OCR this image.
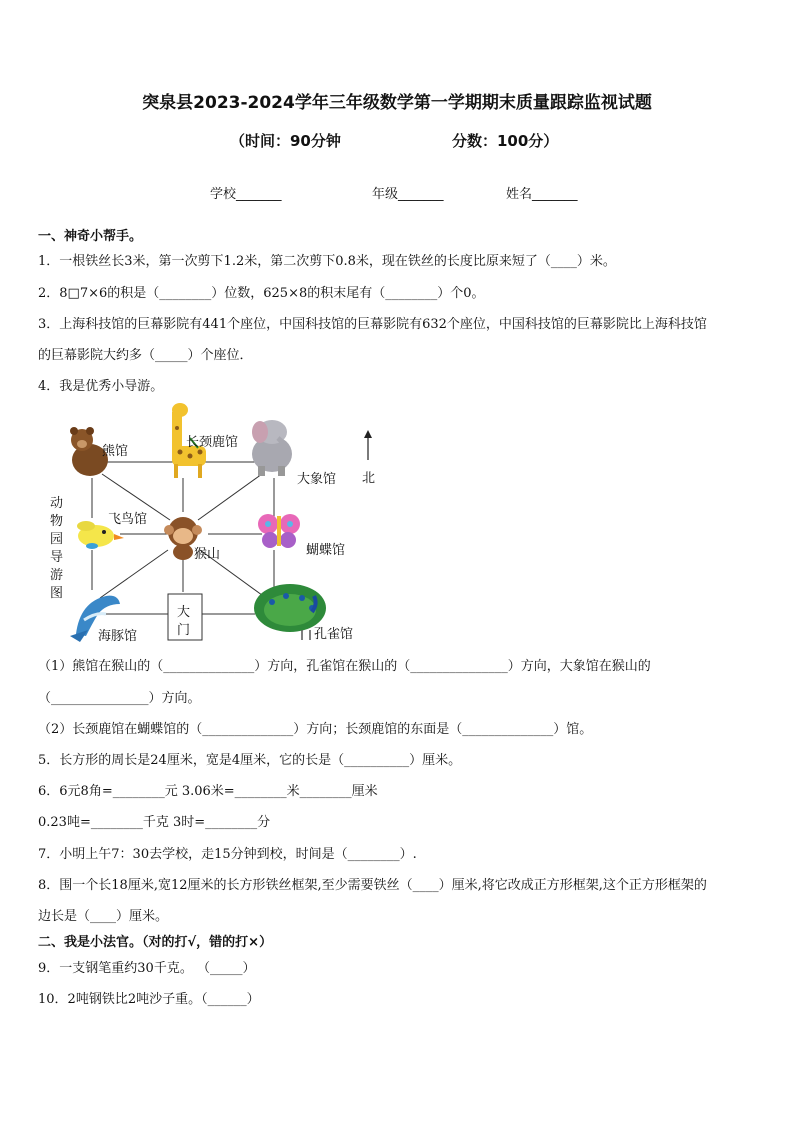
突泉县2023-2024学年三年级数学第一学期期末质量跟踪监视试题
（时间：90分钟	分数：100分）
学校_______	年级_______	姓名_______
一、神奇小帮手。
1．一根铁丝长3米，第一次剪下1.2米，第二次剪下0.8米，现在铁丝的长度比原来短了（____）米。
2．8□7×6的积是（________）位数，625×8的积末尾有（________）个0。
3．上海科技馆的巨幕影院有441个座位，中国科技馆的巨幕影院有632个座位，中国科技馆的巨幕影院比上海科技馆
的巨幕影院大约多（_____）个座位．
4．我是优秀小导游。
熊馆
长颈鹿馆
大象馆 北
飞鸟馆
猴山	蝴蝶馆
海豚馆
大
门	孔雀馆
动
物
园
导
游
图
（1）熊馆在猴山的（______________）方向，孔雀馆在猴山的（_______________）方向，大象馆在猴山的
（_______________）方向。
（2）长颈鹿馆在蝴蝶馆的（______________）方向；长颈鹿馆的东面是（______________）馆。
5．长方形的周长是24厘米，宽是4厘米，它的长是（__________）厘米。
6．6元8角=________元 3.06米=________米________厘米
0.23吨=________千克 3时=________分
7．小明上午7：30去学校，走15分钟到校，时间是（________）.
8．围一个长18厘米,宽12厘米的长方形铁丝框架,至少需要铁丝（____）厘米,将它改成正方形框架,这个正方形框架的
边长是（____）厘米。
二、我是小法官。（对的打√，错的打×）
9．一支钢笔重约30千克。 （_____）
10．2吨钢铁比2吨沙子重。（______）
